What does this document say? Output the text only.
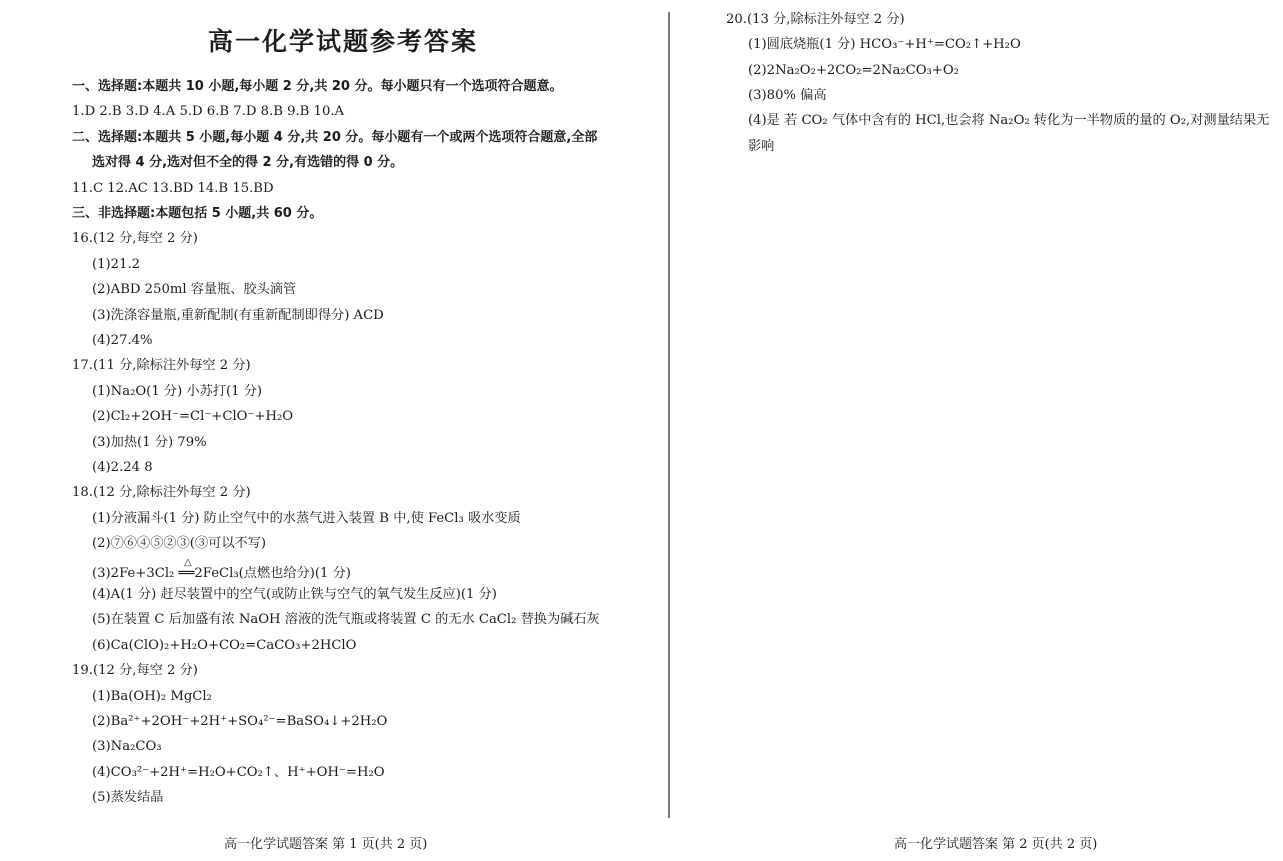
高一化学试题参考答案
一、选择题:本题共 10 小题,每小题 2 分,共 20 分。每小题只有一个选项符合题意。
1.D 2.B 3.D 4.A 5.D 6.B 7.D 8.B 9.B 10.A
二、选择题:本题共 5 小题,每小题 4 分,共 20 分。每小题有一个或两个选项符合题意,全部
选对得 4 分,选对但不全的得 2 分,有选错的得 0 分。
11.C 12.AC 13.BD 14.B 15.BD
三、非选择题:本题包括 5 小题,共 60 分。
16.(12 分,每空 2 分)
(1)21.2
(2)ABD 250ml 容量瓶、胶头滴管
(3)洗涤容量瓶,重新配制(有重新配制即得分) ACD
(4)27.4%
17.(11 分,除标注外每空 2 分)
(1)Na₂O(1 分) 小苏打(1 分)
(2)Cl₂+2OH⁻=Cl⁻+ClO⁻+H₂O
(3)加热(1 分) 79%
(4)2.24 8
18.(12 分,除标注外每空 2 分)
(1)分液漏斗(1 分) 防止空气中的水蒸气进入装置 B 中,使 FeCl₃ 吸水变质
(2)⑦⑥④⑤②③(③可以不写)
(3)2Fe+3Cl₂ ══2FeCl₃(点燃也给分)(1 分)
△
(4)A(1 分) 赶尽装置中的空气(或防止铁与空气的氧气发生反应)(1 分)
(5)在装置 C 后加盛有浓 NaOH 溶液的洗气瓶或将装置 C 的无水 CaCl₂ 替换为碱石灰
(6)Ca(ClO)₂+H₂O+CO₂=CaCO₃+2HClO
19.(12 分,每空 2 分)
(1)Ba(OH)₂ MgCl₂
(2)Ba²⁺+2OH⁻+2H⁺+SO₄²⁻=BaSO₄↓+2H₂O
(3)Na₂CO₃
(4)CO₃²⁻+2H⁺=H₂O+CO₂↑、H⁺+OH⁻=H₂O
(5)蒸发结晶
高一化学试题答案 第 1 页(共 2 页)
20.(13 分,除标注外每空 2 分)
(1)圆底烧瓶(1 分) HCO₃⁻+H⁺=CO₂↑+H₂O
(2)2Na₂O₂+2CO₂=2Na₂CO₃+O₂
(3)80% 偏高
(4)是 若 CO₂ 气体中含有的 HCl,也会将 Na₂O₂ 转化为一半物质的量的 O₂,对测量结果无影响
高一化学试题答案 第 2 页(共 2 页)
